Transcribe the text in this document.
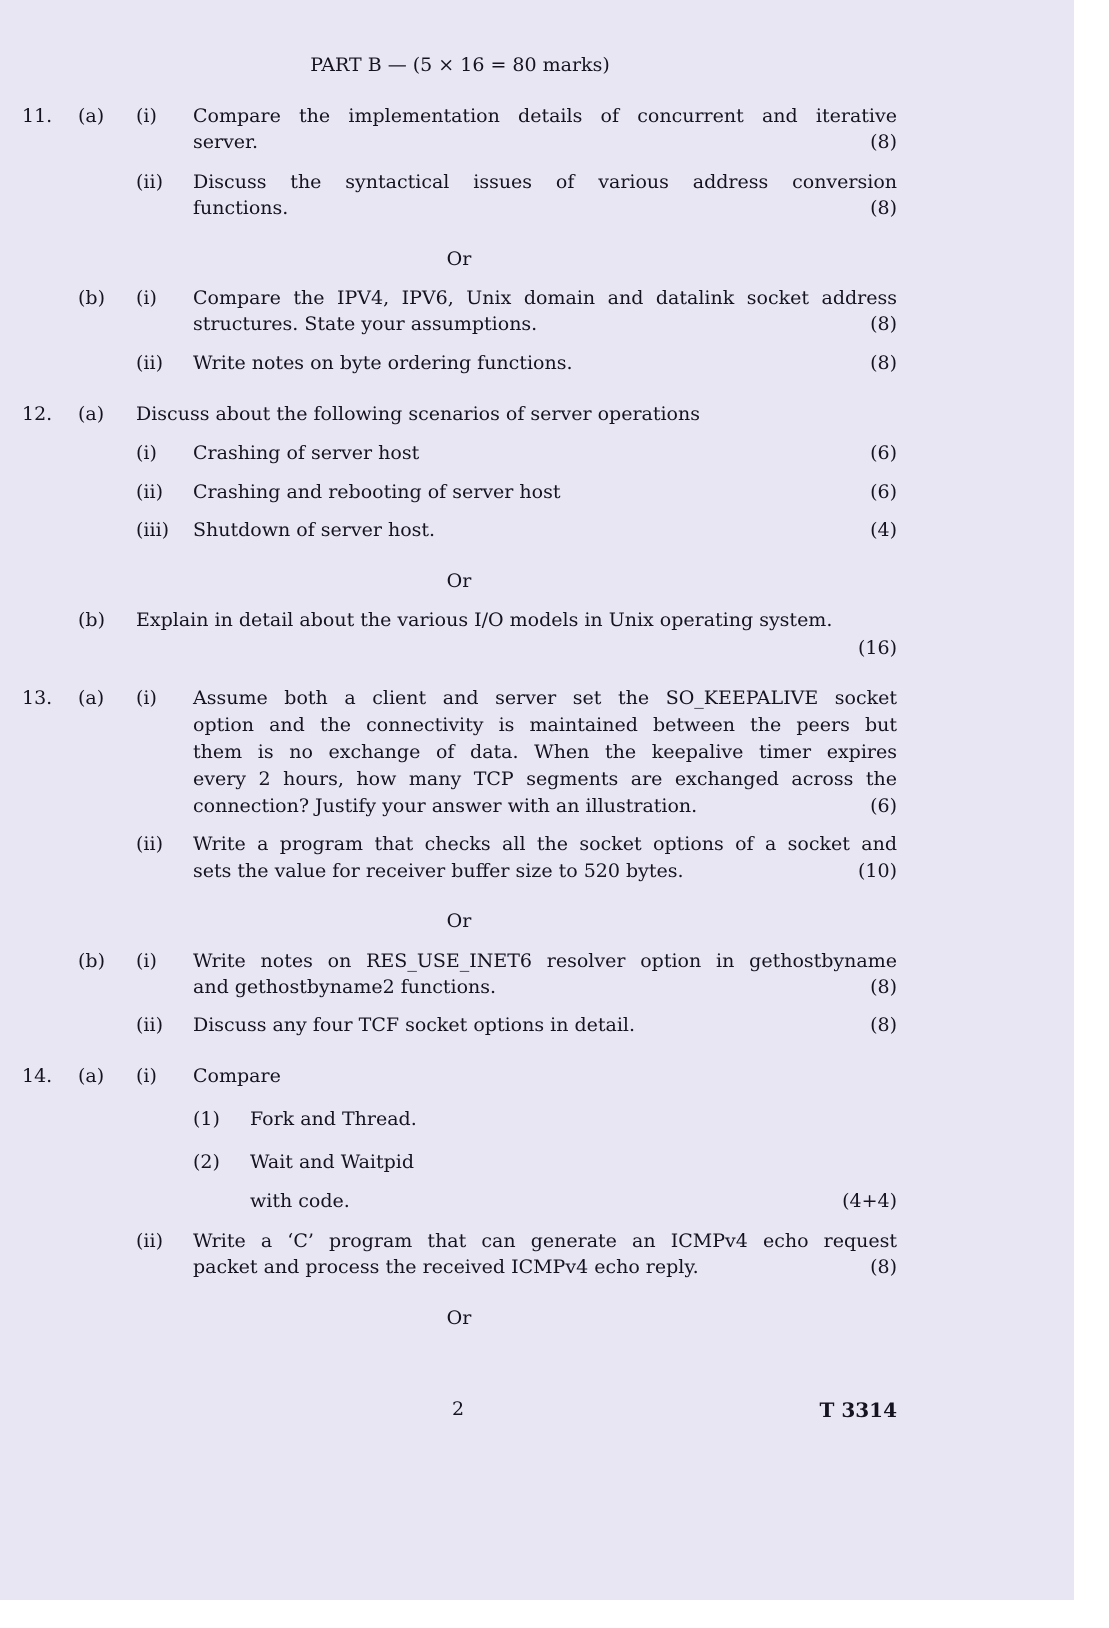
PART B — (5 × 16 = 80 marks)
11. (a) (i) Compare the implementation details of concurrent and iterative
server.	(8)
(ii) Discuss the syntactical issues of various address conversion
functions.	(8)
Or
(b) (i) Compare the IPV4, IPV6, Unix domain and datalink socket address
structures. State your assumptions.	(8)
(ii) Write notes on byte ordering functions.	(8)
12. (a) Discuss about the following scenarios of server operations
(i) Crashing of server host	(6)
(ii) Crashing and rebooting of server host	(6)
(iii) Shutdown of server host.	(4)
Or
(b) Explain in detail about the various I/O models in Unix operating system.
(16)
13. (a) (i) Assume both a client and server set the SO_KEEPALIVE socket
option and the connectivity is maintained between the peers but
them is no exchange of data. When the keepalive timer expires
every 2 hours, how many TCP segments are exchanged across the
connection? Justify your answer with an illustration.	(6)
(ii) Write a program that checks all the socket options of a socket and
sets the value for receiver buffer size to 520 bytes.	(10)
Or
(b) (i) Write notes on RES_USE_INET6 resolver option in gethostbyname
and gethostbyname2 functions.	(8)
(ii) Discuss any four TCF socket options in detail.	(8)
14. (a) (i) Compare
(1) Fork and Thread.
(2) Wait and Waitpid
with code.	(4+4)
(ii) Write a ‘C’ program that can generate an ICMPv4 echo request
packet and process the received ICMPv4 echo reply.	(8)
Or
2	T 3314
